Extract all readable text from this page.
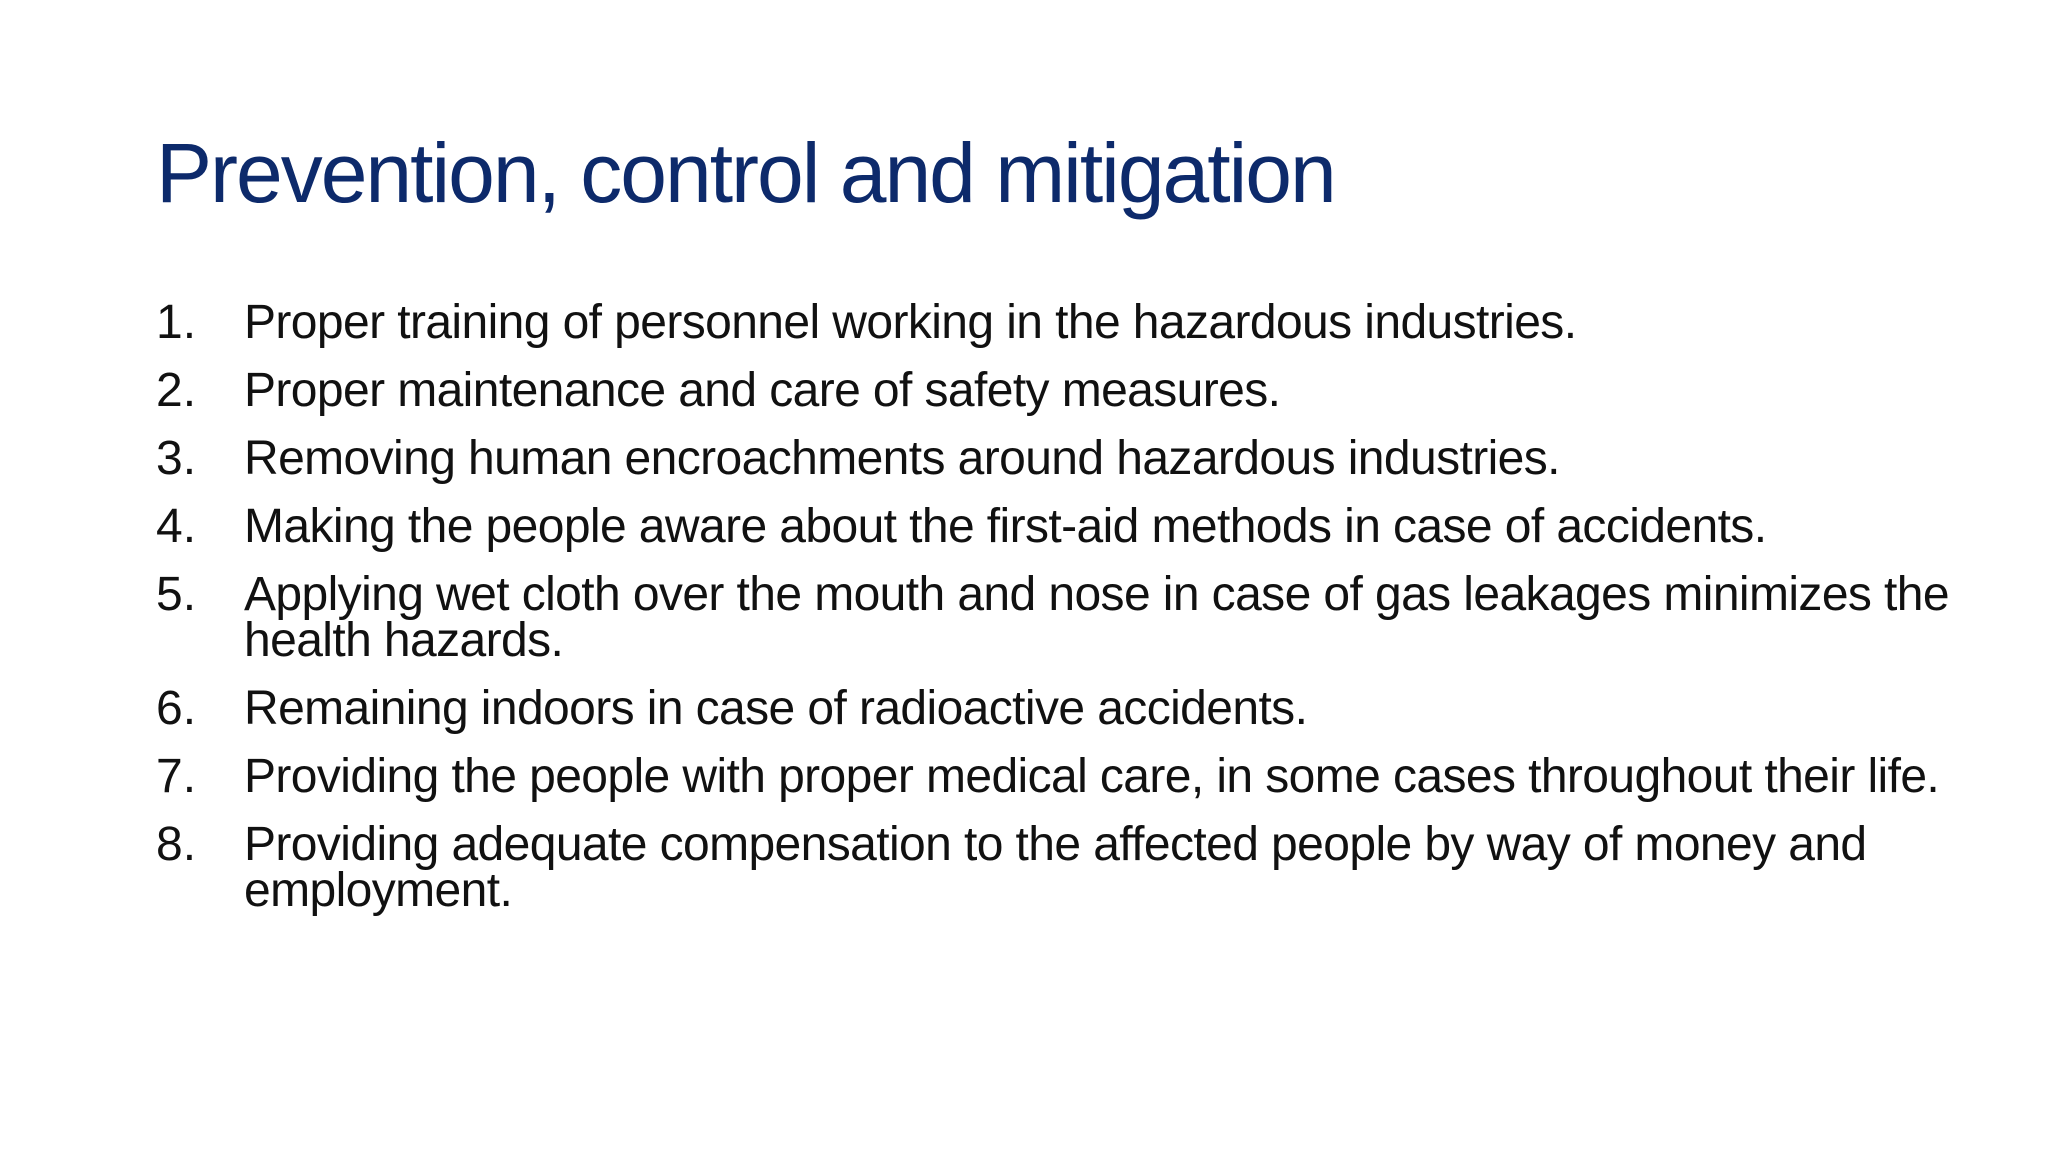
Prevention, control and mitigation
1. Proper training of personnel working in the hazardous industries.
2. Proper maintenance and care of safety measures.
3. Removing human encroachments around hazardous industries.
4. Making the people aware about the first-aid methods in case of accidents.
5. Applying wet cloth over the mouth and nose in case of gas leakages minimizes the health hazards.
6. Remaining indoors in case of radioactive accidents.
7. Providing the people with proper medical care, in some cases throughout their life.
8. Providing adequate compensation to the affected people by way of money and employment.
